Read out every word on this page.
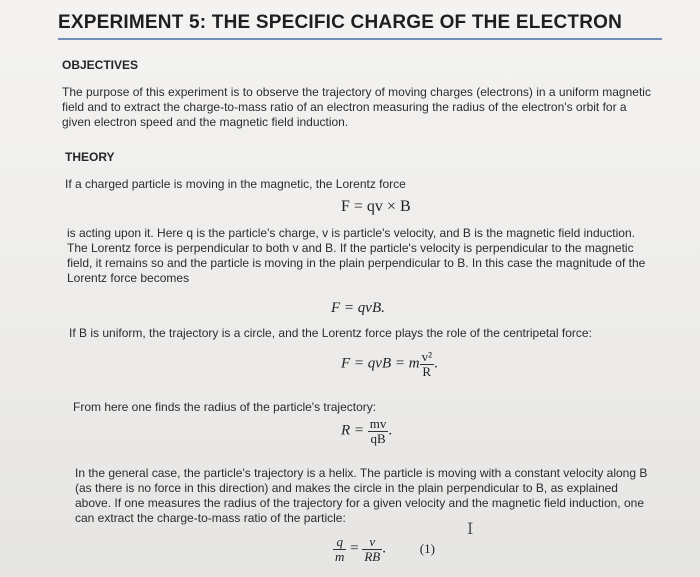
EXPERIMENT 5: THE SPECIFIC CHARGE OF THE ELECTRON
OBJECTIVES
The purpose of this experiment is to observe the trajectory of moving charges (electrons) in a uniform magnetic field and to extract the charge-to-mass ratio of an electron measuring the radius of the electron's orbit for a given electron speed and the magnetic field induction.
THEORY
If a charged particle is moving in the magnetic, the Lorentz force
F = qv × B
is acting upon it. Here q is the particle's charge, v is particle's velocity, and B is the magnetic field induction. The Lorentz force is perpendicular to both v and B. If the particle's velocity is perpendicular to the magnetic field, it remains so and the particle is moving in the plain perpendicular to B. In this case the magnitude of the Lorentz force becomes
F = qvB.
If B is uniform, the trajectory is a circle, and the Lorentz force plays the role of the centripetal force:
F = qvB = m $\frac{\text{v²}}{R}$ .
From here one finds the radius of the particle's trajectory:
$R = \frac{mv}{qB}$ .
In the general case, the particle's trajectory is a helix. The particle is moving with a constant velocity along B (as there is no force in this direction) and makes the circle in the plain perpendicular to B, as explained above. If one measures the radius of the trajectory for a given velocity and the magnetic field induction, one can extract the charge-to-mass ratio of the particle:
$\frac{q}{m} = \frac{v}{RB}$ .	(1)
I
